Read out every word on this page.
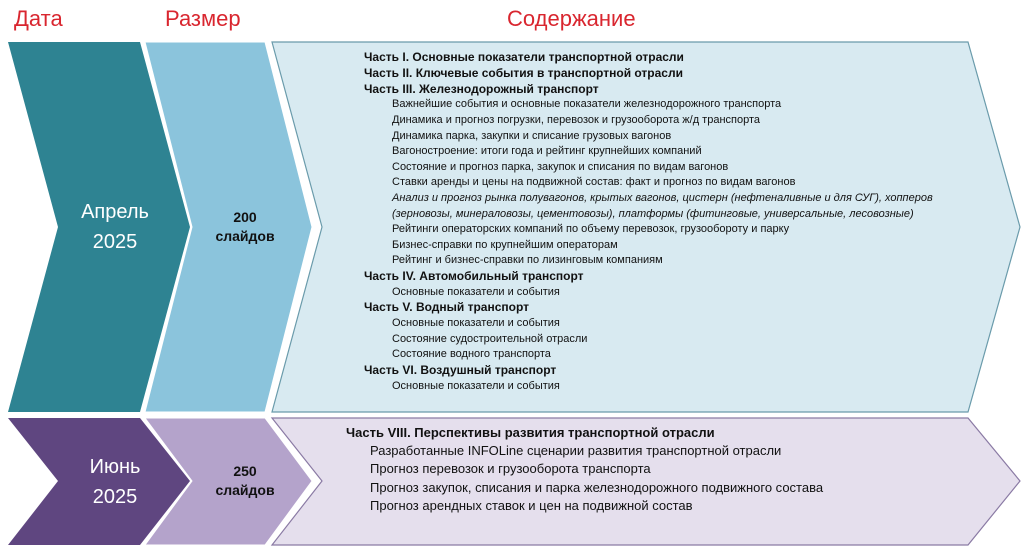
Дата	Размер	Содержание
Апрель
2025
200
слайдов
Часть I. Основные показатели транспортной отрасли
Часть II. Ключевые события в транспортной отрасли
Часть III. Железнодорожный транспорт
Важнейшие события и основные показатели железнодорожного транспорта
Динамика и прогноз погрузки, перевозок и грузооборота ж/д транспорта
Динамика парка, закупки и списание грузовых вагонов
Вагоностроение: итоги года и рейтинг крупнейших компаний
Состояние и прогноз парка, закупок и списания по видам вагонов
Ставки аренды и цены на подвижной состав: факт и прогноз по видам вагонов
Анализ и прогноз рынка полувагонов, крытых вагонов, цистерн (нефтеналивные и для СУГ), хопперов
(зерновозы, минераловозы, цементовозы), платформы (фитинговые, универсальные, лесовозные)
Рейтинги операторских компаний по объему перевозок, грузообороту и парку
Бизнес-справки по крупнейшим операторам
Рейтинг и бизнес-справки по лизинговым компаниям
Часть IV. Автомобильный транспорт
Основные показатели и события
Часть V. Водный транспорт
Основные показатели и события
Состояние судостроительной отрасли
Состояние водного транспорта
Часть VI. Воздушный транспорт
Основные показатели и события
Июнь
2025
250
слайдов
Часть VIII. Перспективы развития транспортной отрасли
Разработанные INFOLine сценарии развития транспортной отрасли
Прогноз перевозок и грузооборота транспорта
Прогноз закупок, списания и парка железнодорожного подвижного состава
Прогноз арендных ставок и цен на подвижной состав
